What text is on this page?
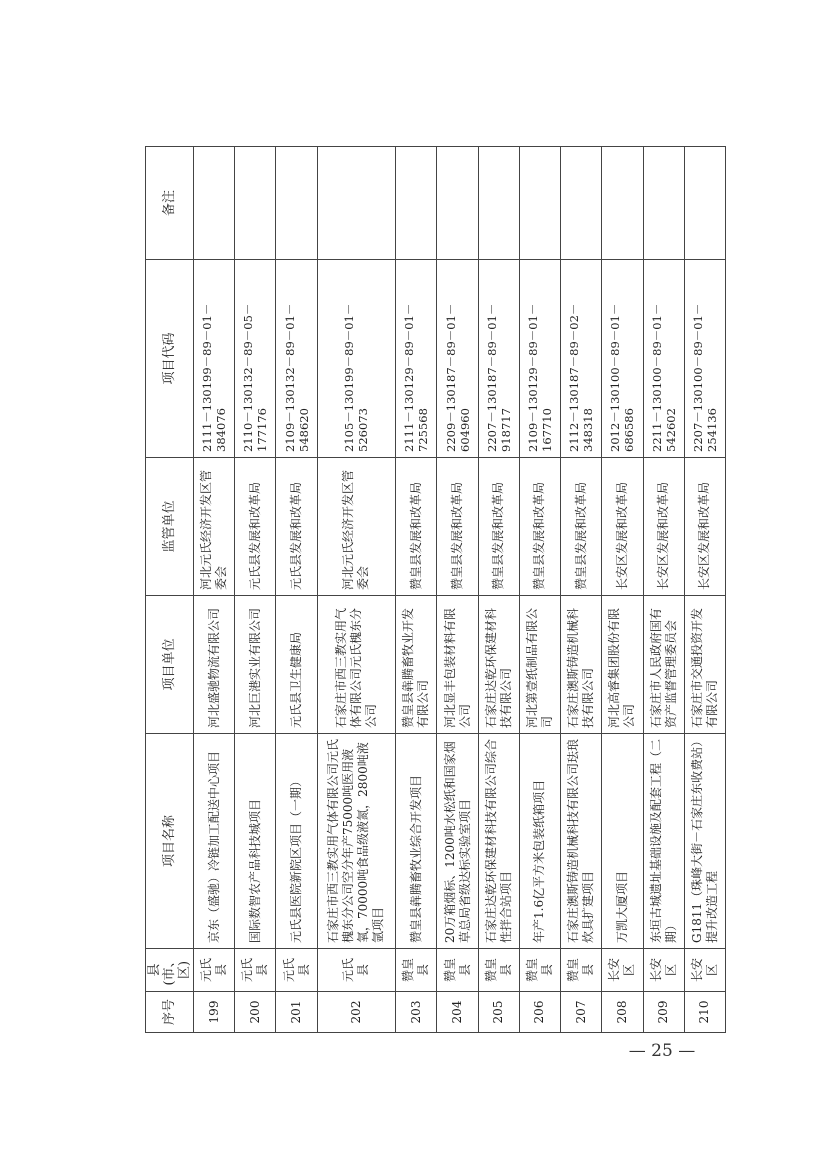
序号	县(市、区)	项目名称	项目单位	监管单位	项目代码	备注
199	元氏县	京东（盛驰）冷链加工配送中心项目	河北盛驰物流有限公司	河北元氏经济开发区管委会	2111－130199－89－01－384076	
200	元氏县	国际数智农产品科技城项目	河北巨港实业有限公司	元氏县发展和改革局	2110－130132－89－05－177176	
201	元氏县	元氏县医院新院区项目（一期）	元氏县卫生健康局	元氏县发展和改革局	2109－130132－89－01－548620	
202	元氏县	石家庄市西三教实用气体有限公司元氏槐东分公司空分年产75000吨医用液氧，70000吨食品级液氮，2800吨液氩项目	石家庄市西三教实用气体有限公司元氏槐东分公司	河北元氏经济开发区管委会	2105－130199－89－01－526073	
203	赞皇县	赞皇县犇腾畜牧业综合开发项目	赞皇县犇腾畜牧业开发有限公司	赞皇县发展和改革局	2111－130129－89－01－725568	
204	赞皇县	20万箱烟标、1200吨水松纸和国家烟草总局省级达标实验室项目	河北显丰包装材料有限公司	赞皇县发展和改革局	2209－130187－89－01－604960	
205	赞皇县	石家庄达乾环保建材科技有限公司综合性拌合站项目	石家庄达乾环保建材科技有限公司	赞皇县发展和改革局	2207－130187－89－01－918717	
206	赞皇县	年产1.6亿平方米包装纸箱项目	河北第壹纸制品有限公司	赞皇县发展和改革局	2109－130129－89－01－167710	
207	赞皇县	石家庄澳斯铸造机械科技有限公司珐琅炊具扩建项目	石家庄澳斯铸造机械科技有限公司	赞皇县发展和改革局	2112－130187－89－02－348318	
208	长安区	万凯大厦项目	河北高睿集团股份有限公司	长安区发展和改革局	2012－130100－89－01－686586	
209	长安区	东垣古城遗址基础设施及配套工程（二期）	石家庄市人民政府国有资产监督管理委员会	长安区发展和改革局	2211－130100－89－01－542602	
210	长安区	G1811（珠峰大街－石家庄东收费站）提升改造工程	石家庄市交通投资开发有限公司	长安区发展和改革局	2207－130100－89－01－254136	
— 25 —
